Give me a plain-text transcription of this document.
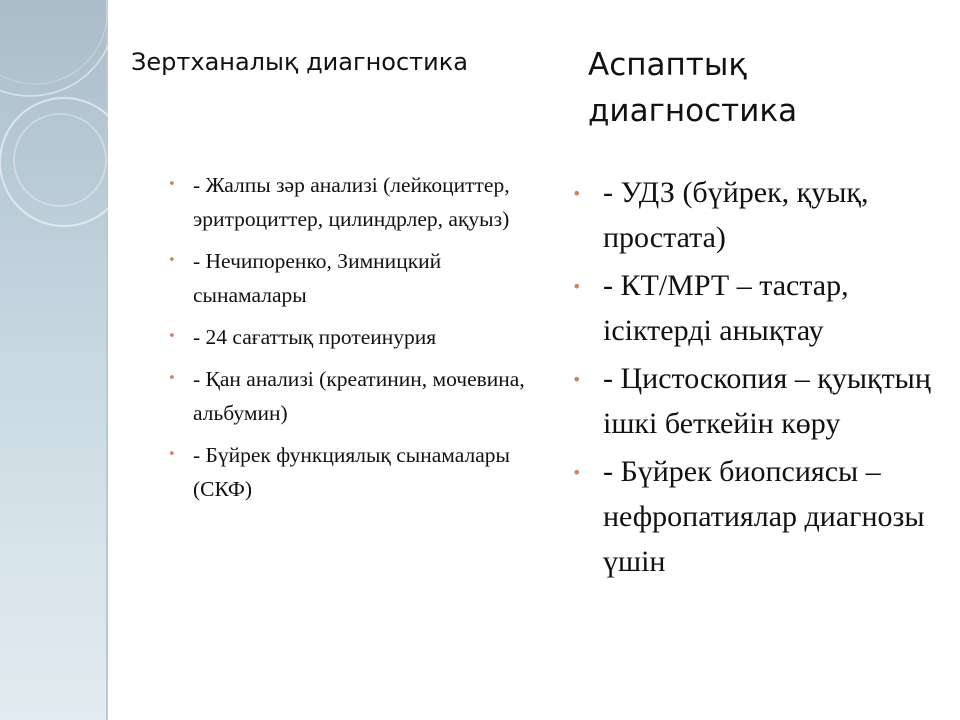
Зертханалық диагностика	Аспаптық диагностика
• - Жалпы зәр анализі (лейкоциттер, эритроциттер, цилиндрлер, ақуыз)
• - Нечипоренко, Зимницкий сынамалары
• - 24 сағаттық протеинурия
• - Қан анализі (креатинин, мочевина, альбумин)
• - Бүйрек функциялық сынамалары (СКФ)
• - УДЗ (бүйрек, қуық, простата)
• - КТ/МРТ – тастар, ісіктерді анықтау
• - Цистоскопия – қуықтың ішкі беткейін көру
• - Бүйрек биопсиясы – нефропатиялар диагнозы үшін
